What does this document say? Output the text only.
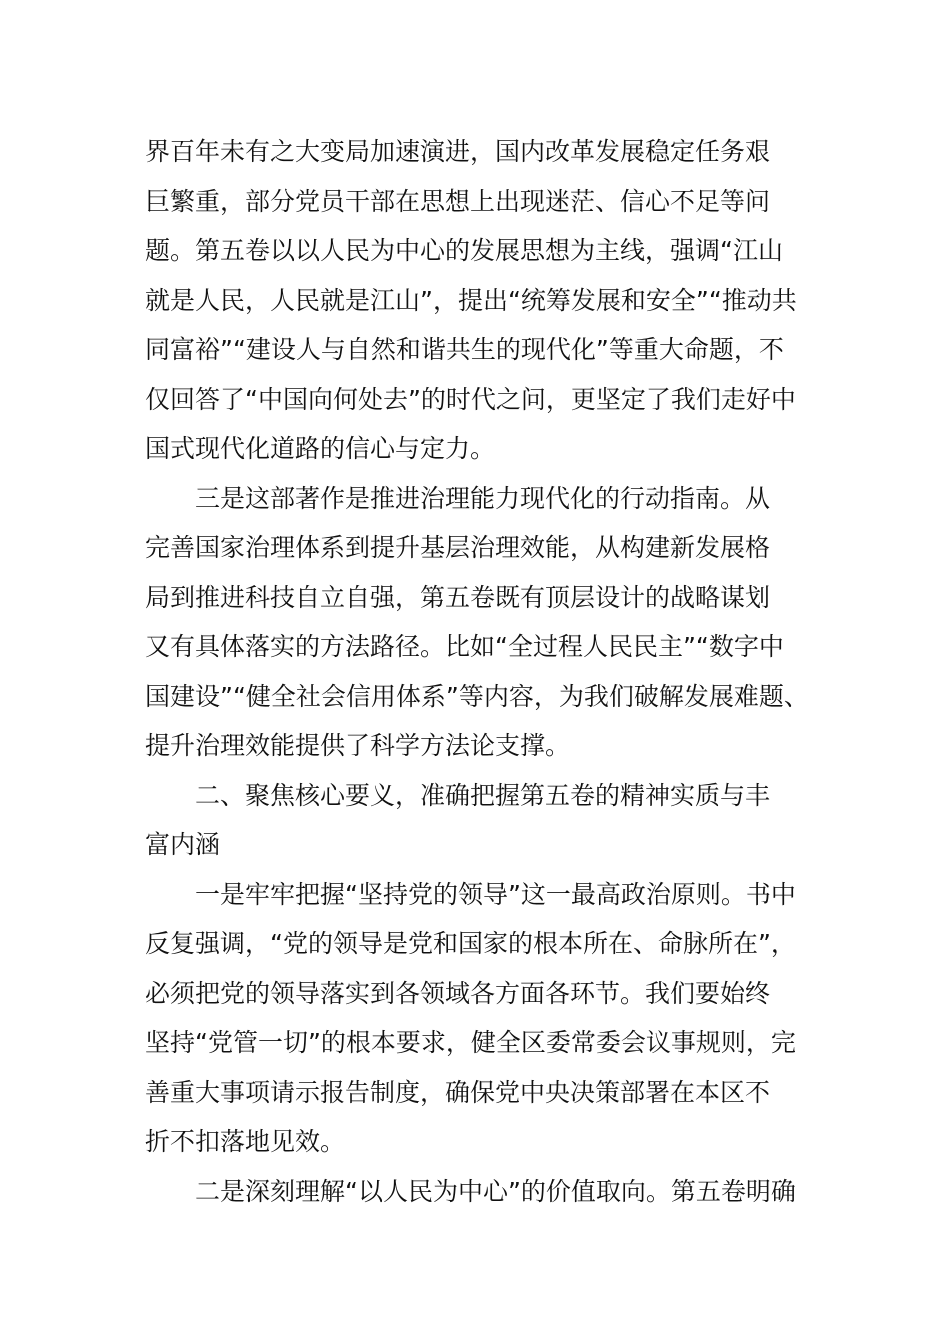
界百年未有之大变局加速演进，国内改革发展稳定任务艰
巨繁重，部分党员干部在思想上出现迷茫、信心不足等问
题。第五卷以以人民为中心的发展思想为主线，强调“江山
就是人民，人民就是江山”，提出“统筹发展和安全”“推动共
同富裕”“建设人与自然和谐共生的现代化”等重大命题，不
仅回答了“中国向何处去”的时代之问，更坚定了我们走好中
国式现代化道路的信心与定力。
三是这部著作是推进治理能力现代化的行动指南。从
完善国家治理体系到提升基层治理效能，从构建新发展格
局到推进科技自立自强，第五卷既有顶层设计的战略谋划
又有具体落实的方法路径。比如“全过程人民民主”“数字中
国建设”“健全社会信用体系”等内容，为我们破解发展难题、
提升治理效能提供了科学方法论支撑。
二、聚焦核心要义，准确把握第五卷的精神实质与丰
富内涵
一是牢牢把握“坚持党的领导”这一最高政治原则。书中
反复强调，“党的领导是党和国家的根本所在、命脉所在”，
必须把党的领导落实到各领域各方面各环节。我们要始终
坚持“党管一切”的根本要求，健全区委常委会议事规则，完
善重大事项请示报告制度，确保党中央决策部署在本区不
折不扣落地见效。
二是深刻理解“以人民为中心”的价值取向。第五卷明确
